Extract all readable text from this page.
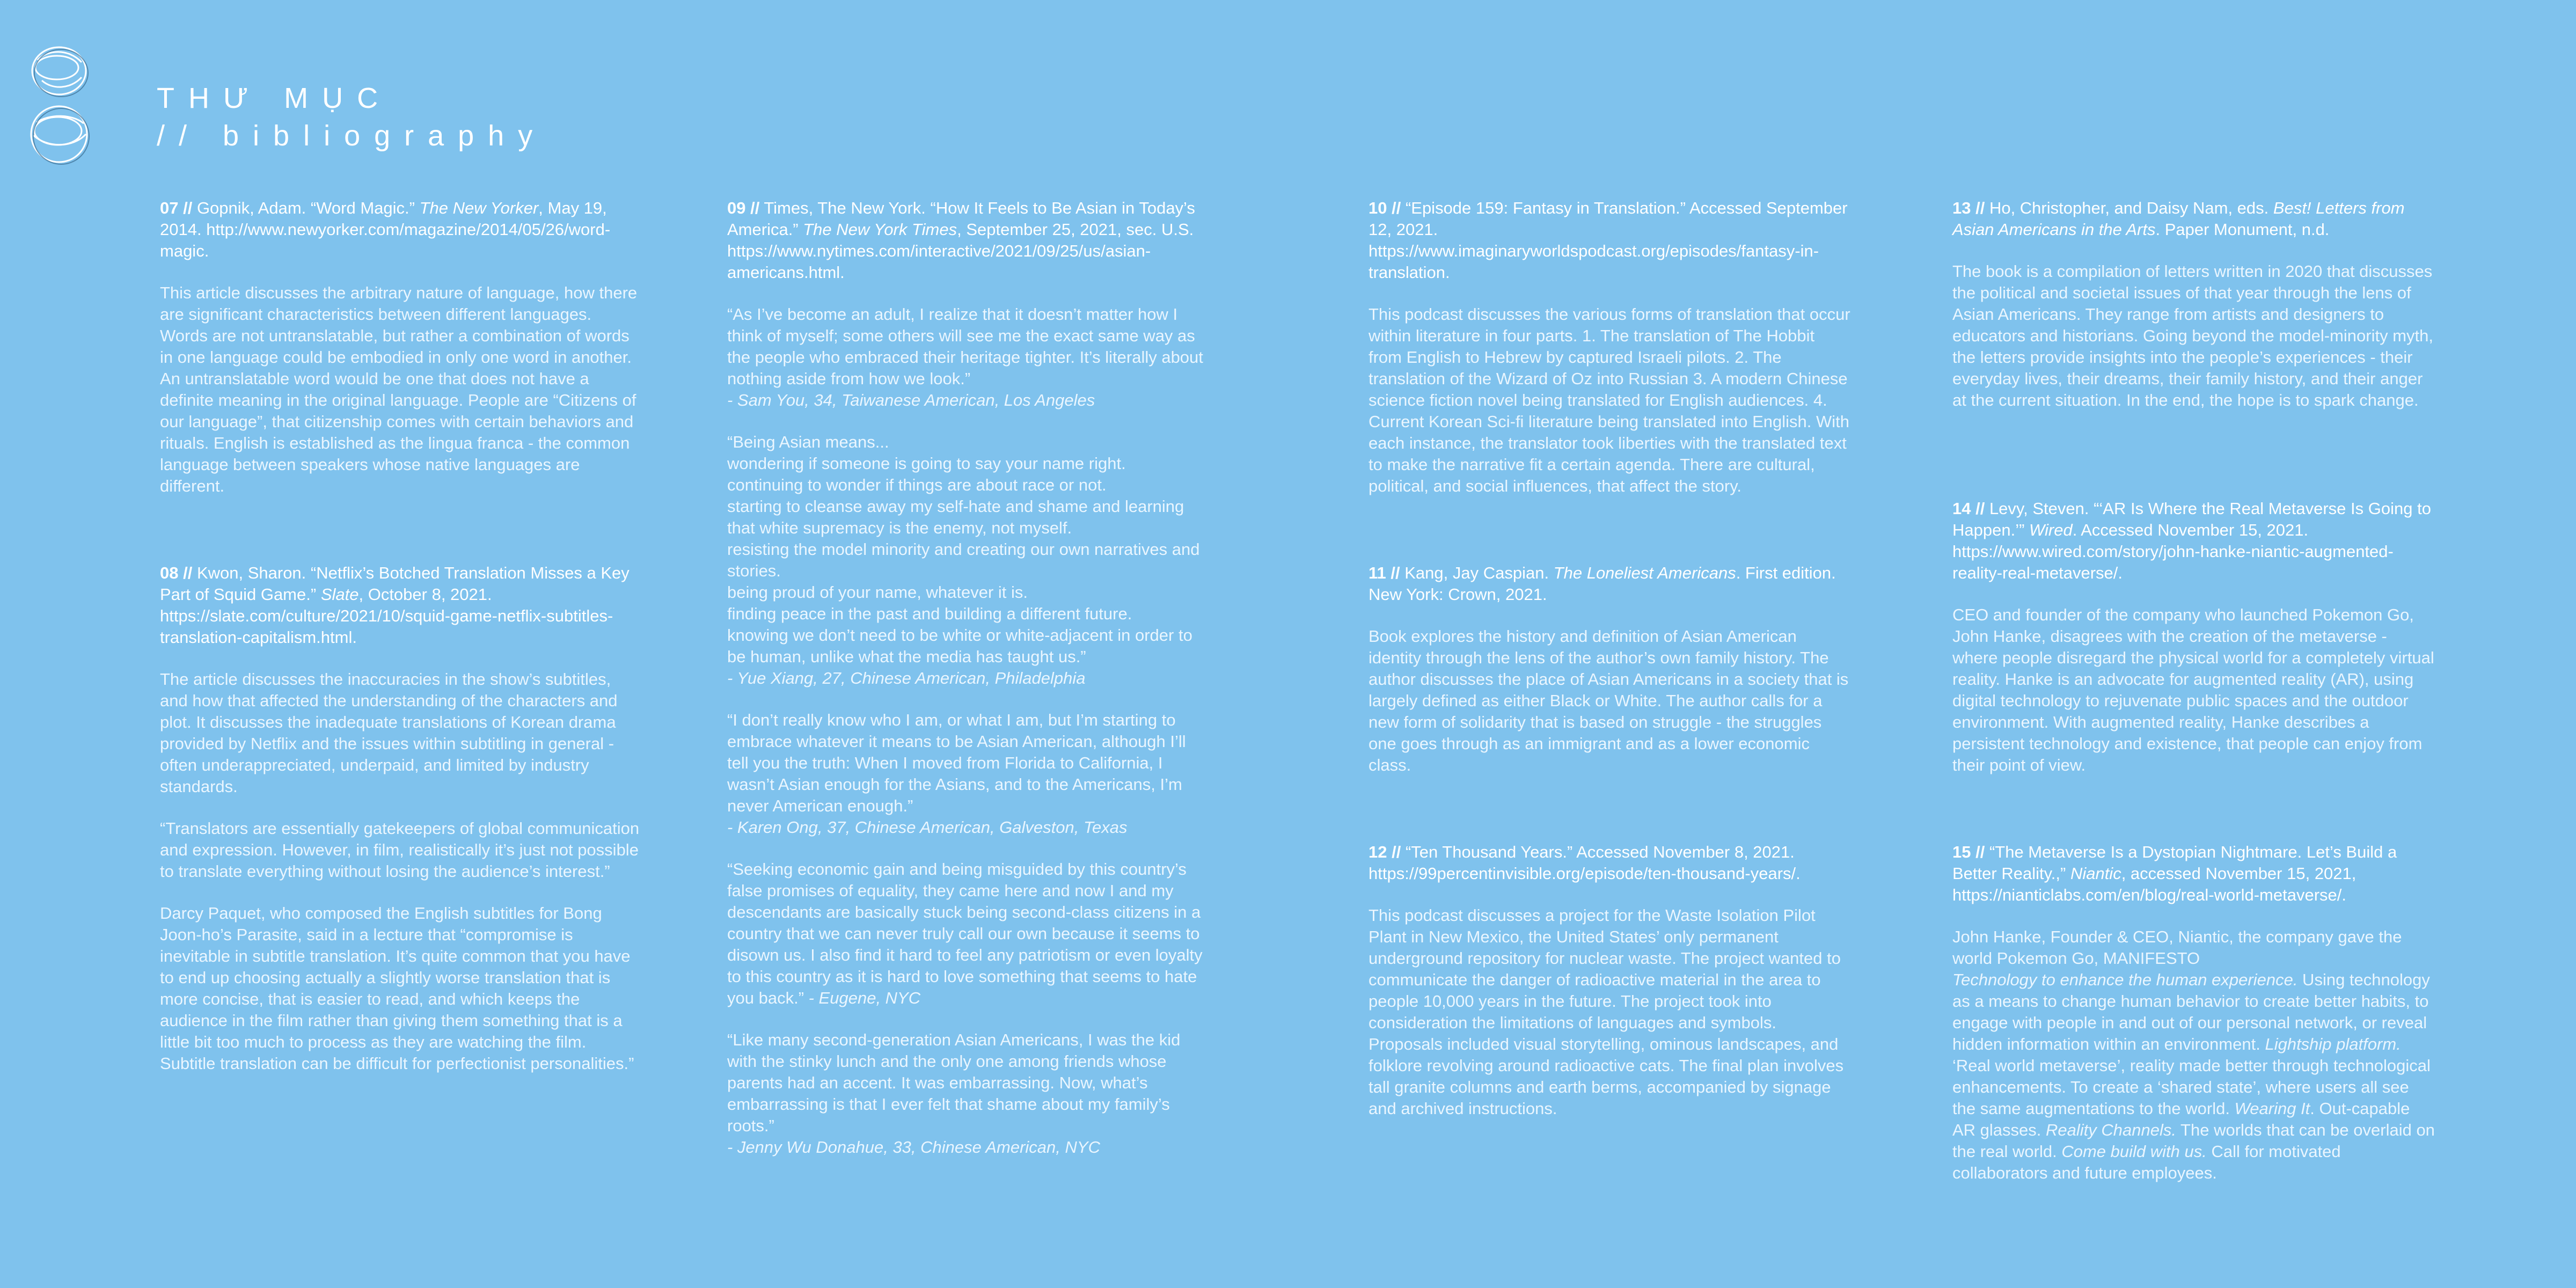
THƯ MỤC
// bibliography

07 // Gopnik, Adam. “Word Magic.” The New Yorker, May 19, 2014. http://www.newyorker.com/magazine/2014/05/26/word-magic.

This article discusses the arbitrary nature of language, how there are significant characteristics between different languages. Words are not untranslatable, but rather a combination of words in one language could be embodied in only one word in another. An untranslatable word would be one that does not have a definite meaning in the original language. People are “Citizens of our language”, that citizenship comes with certain behaviors and rituals. English is established as the lingua franca - the common language between speakers whose native languages are different.

08 // Kwon, Sharon. “Netflix’s Botched Translation Misses a Key Part of Squid Game.” Slate, October 8, 2021. https://slate.com/culture/2021/10/squid-game-netflix-subtitles-translation-capitalism.html.

The article discusses the inaccuracies in the show’s subtitles, and how that affected the understanding of the characters and plot. It discusses the inadequate translations of Korean drama provided by Netflix and the issues within subtitling in general - often underappreciated, underpaid, and limited by industry standards.

“Translators are essentially gatekeepers of global communication and expression. However, in film, realistically it’s just not possible to translate everything without losing the audience’s interest.”

Darcy Paquet, who composed the English subtitles for Bong Joon-ho’s Parasite, said in a lecture that “compromise is inevitable in subtitle translation. It’s quite common that you have to end up choosing actually a slightly worse translation that is more concise, that is easier to read, and which keeps the audience in the film rather than giving them something that is a little bit too much to process as they are watching the film. Subtitle translation can be difficult for perfectionist personalities.”

09 // Times, The New York. “How It Feels to Be Asian in Today’s America.” The New York Times, September 25, 2021, sec. U.S. https://www.nytimes.com/interactive/2021/09/25/us/asian-americans.html.

“As I’ve become an adult, I realize that it doesn’t matter how I think of myself; some others will see me the exact same way as the people who embraced their heritage tighter. It’s literally about nothing aside from how we look.”
- Sam You, 34, Taiwanese American, Los Angeles

“Being Asian means...
wondering if someone is going to say your name right.
continuing to wonder if things are about race or not.
starting to cleanse away my self-hate and shame and learning that white supremacy is the enemy, not myself.
resisting the model minority and creating our own narratives and stories.
being proud of your name, whatever it is.
finding peace in the past and building a different future.
knowing we don’t need to be white or white-adjacent in order to be human, unlike what the media has taught us.”
- Yue Xiang, 27, Chinese American, Philadelphia

“I don’t really know who I am, or what I am, but I’m starting to embrace whatever it means to be Asian American, although I’ll tell you the truth: When I moved from Florida to California, I wasn’t Asian enough for the Asians, and to the Americans, I’m never American enough.”
- Karen Ong, 37, Chinese American, Galveston, Texas

“Seeking economic gain and being misguided by this country’s false promises of equality, they came here and now I and my descendants are basically stuck being second-class citizens in a country that we can never truly call our own because it seems to disown us. I also find it hard to feel any patriotism or even loyalty to this country as it is hard to love something that seems to hate you back.” - Eugene, NYC

“Like many second-generation Asian Americans, I was the kid with the stinky lunch and the only one among friends whose parents had an accent. It was embarrassing. Now, what’s embarrassing is that I ever felt that shame about my family’s roots.”
- Jenny Wu Donahue, 33, Chinese American, NYC

10 // “Episode 159: Fantasy in Translation.” Accessed September 12, 2021. https://www.imaginaryworldspodcast.org/episodes/fantasy-in-translation.

This podcast discusses the various forms of translation that occur within literature in four parts. 1. The translation of The Hobbit from English to Hebrew by captured Israeli pilots. 2. The translation of the Wizard of Oz into Russian 3. A modern Chinese science fiction novel being translated for English audiences. 4. Current Korean Sci-fi literature being translated into English. With each instance, the translator took liberties with the translated text to make the narrative fit a certain agenda. There are cultural, political, and social influences, that affect the story.

11 // Kang, Jay Caspian. The Loneliest Americans. First edition. New York: Crown, 2021.

Book explores the history and definition of Asian American identity through the lens of the author’s own family history. The author discusses the place of Asian Americans in a society that is largely defined as either Black or White. The author calls for a new form of solidarity that is based on struggle - the struggles one goes through as an immigrant and as a lower economic class.

12 // “Ten Thousand Years.” Accessed November 8, 2021. https://99percentinvisible.org/episode/ten-thousand-years/.

This podcast discusses a project for the Waste Isolation Pilot Plant in New Mexico, the United States’ only permanent underground repository for nuclear waste. The project wanted to communicate the danger of radioactive material in the area to people 10,000 years in the future. The project took into consideration the limitations of languages and symbols. Proposals included visual storytelling, ominous landscapes, and folklore revolving around radioactive cats. The final plan involves tall granite columns and earth berms, accompanied by signage and archived instructions.

13 // Ho, Christopher, and Daisy Nam, eds. Best! Letters from Asian Americans in the Arts. Paper Monument, n.d.

The book is a compilation of letters written in 2020 that discusses the political and societal issues of that year through the lens of Asian Americans. They range from artists and designers to educators and historians. Going beyond the model-minority myth, the letters provide insights into the people’s experiences - their everyday lives, their dreams, their family history, and their anger at the current situation. In the end, the hope is to spark change.

14 // Levy, Steven. “‘AR Is Where the Real Metaverse Is Going to Happen.’” Wired. Accessed November 15, 2021. https://www.wired.com/story/john-hanke-niantic-augmented-reality-real-metaverse/.

CEO and founder of the company who launched Pokemon Go, John Hanke, disagrees with the creation of the metaverse - where people disregard the physical world for a completely virtual reality. Hanke is an advocate for augmented reality (AR), using digital technology to rejuvenate public spaces and the outdoor environment. With augmented reality, Hanke describes a persistent technology and existence, that people can enjoy from their point of view.

15 // “The Metaverse Is a Dystopian Nightmare. Let’s Build a Better Reality.,” Niantic, accessed November 15, 2021, https://nianticlabs.com/en/blog/real-world-metaverse/.

John Hanke, Founder & CEO, Niantic, the company gave the world Pokemon Go, MANIFESTO
Technology to enhance the human experience. Using technology as a means to change human behavior to create better habits, to engage with people in and out of our personal network, or reveal hidden information within an environment. Lightship platform. ‘Real world metaverse’, reality made better through technological enhancements. To create a ‘shared state’, where users all see the same augmentations to the world. Wearing It. Out-capable AR glasses. Reality Channels. The worlds that can be overlaid on the real world. Come build with us. Call for motivated collaborators and future employees.
